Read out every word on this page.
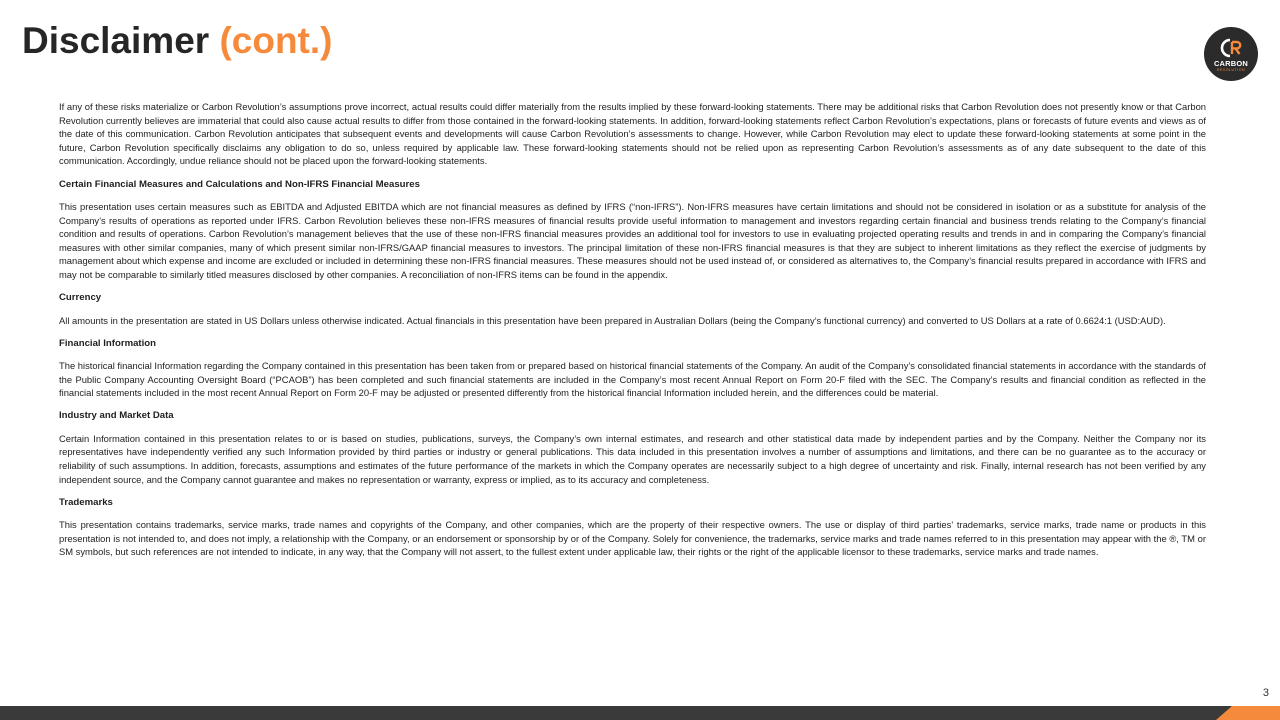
Disclaimer (cont.)
CARBON
REVOLUTION

If any of these risks materialize or Carbon Revolution’s assumptions prove incorrect, actual results could differ materially from the results implied by these forward-looking statements. There may be additional risks that Carbon Revolution does not presently know or that Carbon Revolution currently believes are immaterial that could also cause actual results to differ from those contained in the forward-looking statements. In addition, forward-looking statements reflect Carbon Revolution’s expectations, plans or forecasts of future events and views as of the date of this communication. Carbon Revolution anticipates that subsequent events and developments will cause Carbon Revolution’s assessments to change. However, while Carbon Revolution may elect to update these forward-looking statements at some point in the future, Carbon Revolution specifically disclaims any obligation to do so, unless required by applicable law. These forward-looking statements should not be relied upon as representing Carbon Revolution’s assessments as of any date subsequent to the date of this communication. Accordingly, undue reliance should not be placed upon the forward-looking statements.

Certain Financial Measures and Calculations and Non-IFRS Financial Measures

This presentation uses certain measures such as EBITDA and Adjusted EBITDA which are not financial measures as defined by IFRS (“non-IFRS”). Non-IFRS measures have certain limitations and should not be considered in isolation or as a substitute for analysis of the Company’s results of operations as reported under IFRS. Carbon Revolution believes these non-IFRS measures of financial results provide useful information to management and investors regarding certain financial and business trends relating to the Company’s financial condition and results of operations. Carbon Revolution’s management believes that the use of these non-IFRS financial measures provides an additional tool for investors to use in evaluating projected operating results and trends in and in comparing the Company’s financial measures with other similar companies, many of which present similar non-IFRS/GAAP financial measures to investors. The principal limitation of these non-IFRS financial measures is that they are subject to inherent limitations as they reflect the exercise of judgments by management about which expense and income are excluded or included in determining these non-IFRS financial measures. These measures should not be used instead of, or considered as alternatives to, the Company’s financial results prepared in accordance with IFRS and may not be comparable to similarly titled measures disclosed by other companies. A reconciliation of non-IFRS items can be found in the appendix.

Currency

All amounts in the presentation are stated in US Dollars unless otherwise indicated. Actual financials in this presentation have been prepared in Australian Dollars (being the Company’s functional currency) and converted to US Dollars at a rate of 0.6624:1 (USD:AUD).

Financial Information

The historical financial Information regarding the Company contained in this presentation has been taken from or prepared based on historical financial statements of the Company. An audit of the Company’s consolidated financial statements in accordance with the standards of the Public Company Accounting Oversight Board (“PCAOB”) has been completed and such financial statements are included in the Company’s most recent Annual Report on Form 20-F filed with the SEC. The Company’s results and financial condition as reflected in the financial statements included in the most recent Annual Report on Form 20-F may be adjusted or presented differently from the historical financial Information included herein, and the differences could be material.

Industry and Market Data

Certain Information contained in this presentation relates to or is based on studies, publications, surveys, the Company’s own internal estimates, and research and other statistical data made by independent parties and by the Company. Neither the Company nor its representatives have independently verified any such Information provided by third parties or industry or general publications. This data included in this presentation involves a number of assumptions and limitations, and there can be no guarantee as to the accuracy or reliability of such assumptions. In addition, forecasts, assumptions and estimates of the future performance of the markets in which the Company operates are necessarily subject to a high degree of uncertainty and risk. Finally, internal research has not been verified by any independent source, and the Company cannot guarantee and makes no representation or warranty, express or implied, as to its accuracy and completeness.

Trademarks

This presentation contains trademarks, service marks, trade names and copyrights of the Company, and other companies, which are the property of their respective owners. The use or display of third parties’ trademarks, service marks, trade name or products in this presentation is not intended to, and does not imply, a relationship with the Company, or an endorsement or sponsorship by or of the Company. Solely for convenience, the trademarks, service marks and trade names referred to in this presentation may appear with the ®, TM or SM symbols, but such references are not intended to indicate, in any way, that the Company will not assert, to the fullest extent under applicable law, their rights or the right of the applicable licensor to these trademarks, service marks and trade names.

3
